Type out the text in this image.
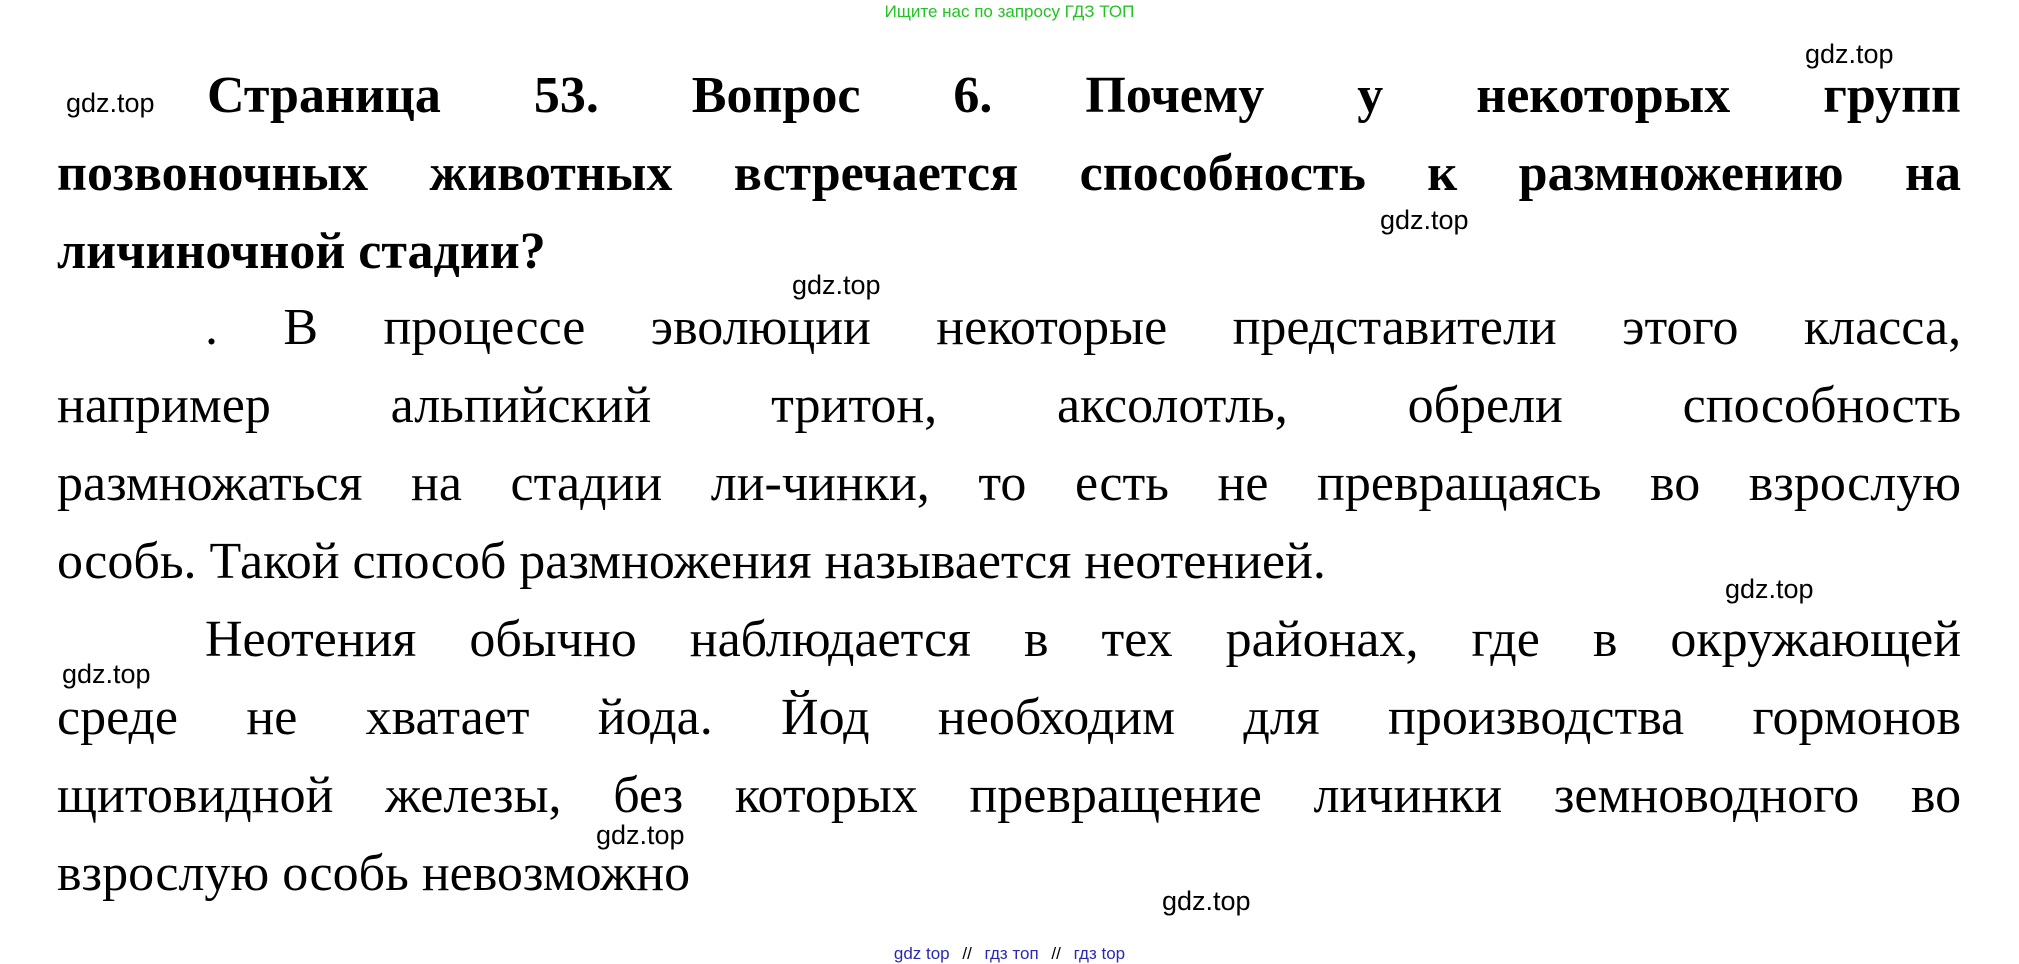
Ищите нас по запросу ГДЗ ТОП
gdz.top
gdz.top
gdz.top
gdz.top
gdz.top
gdz.top
gdz.top
gdz.top
Страница 53. Вопрос 6. Почему у некоторых групп
позвоночных животных встречается способность к размножению на
личиночной стадии?
. В процессе эволюции некоторые представители этого класса,
например альпийский тритон, аксолотль, обрели способность
размножаться на стадии ли-чинки, то есть не превращаясь во взрослую
особь. Такой способ размножения называется неотенией.
Неотения обычно наблюдается в тех районах, где в окружающей
среде не хватает йода. Йод необходим для производства гормонов
щитовидной железы, без которых превращение личинки земноводного во
взрослую особь невозможно
gdz top // гдз топ // гдз top
